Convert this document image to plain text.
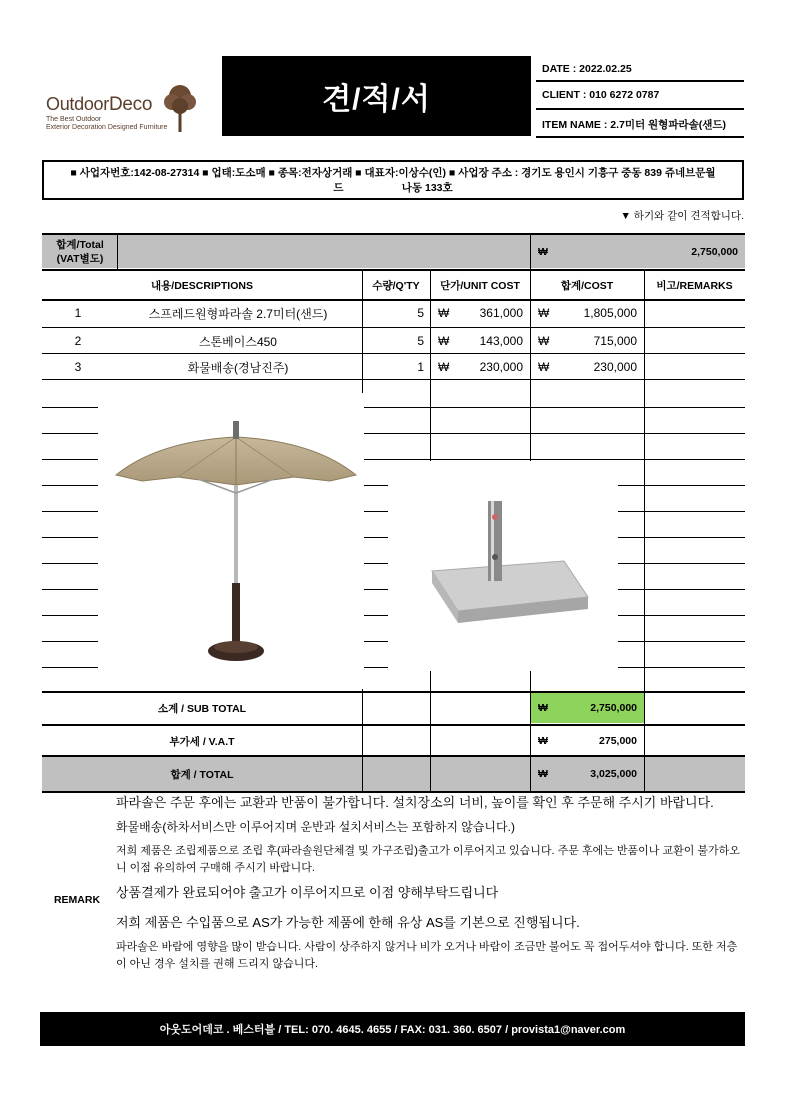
OutdoorDeco
The Best Outdoor
Exterior Decoration Designed Furniture
견/적/서
DATE : 2022.02.25
CLIENT : 010 6272 0787
ITEM NAME : 2.7미터 원형파라솔(샌드)
■ 사업자번호:142-08-27314 ■ 업태:도소매 ■ 종목:전자상거래 ■ 대표자:이상수(인) ■ 사업장 주소 : 경기도 용인시 기흥구 중동 839 쥬네브문월
드                    나동 133호
▼ 하기와 같이 견적합니다.
합계/Total
(VAT별도)
₩	2,750,000
내용/DESCRIPTIONS	수량/Q'TY	단가/UNIT COST	합계/COST	비고/REMARKS
1	스프레드원형파라솔 2.7미터(샌드)	5 ₩	361,000 ₩	1,805,000
2	스톤베이스450	5 ₩	143,000 ₩	715,000
3	화물배송(경남진주)	1 ₩	230,000 ₩	230,000
소계 / SUB TOTAL	₩	2,750,000
부가세 / V.A.T	₩	275,000
합계 / TOTAL	₩	3,025,000
REMARK

파라솔은 주문 후에는 교환과 반품이 불가합니다. 설치장소의 너비, 높이를 확인 후 주문해 주시기 바랍니다.

화물배송(하차서비스만 이루어지며 운반과 설치서비스는 포함하지 않습니다.)

저희 제품은 조립제품으로 조립 후(파라솔원단체결 및 가구조립)출고가 이루어지고 있습니다. 주문 후에는 반품이나 교환이 불가하오니 이점 유의하여 구매해 주시기 바랍니다.

상품결제가 완료되어야 출고가 이루어지므로 이점 양해부탁드립니다

저희 제품은 수입품으로 AS가 가능한 제품에 한해 유상 AS를 기본으로 진행됩니다.

파라솔은 바람에 영향을 많이 받습니다. 사람이 상주하지 않거나 비가 오거나 바람이 조금만 불어도 꼭 접어두셔야 합니다. 또한 저층이 아닌 경우 설치를 권해 드리지 않습니다.

아웃도어데코 . 베스터블 / TEL: 070. 4645. 4655 / FAX: 031. 360. 6507 / provista1@naver.com
